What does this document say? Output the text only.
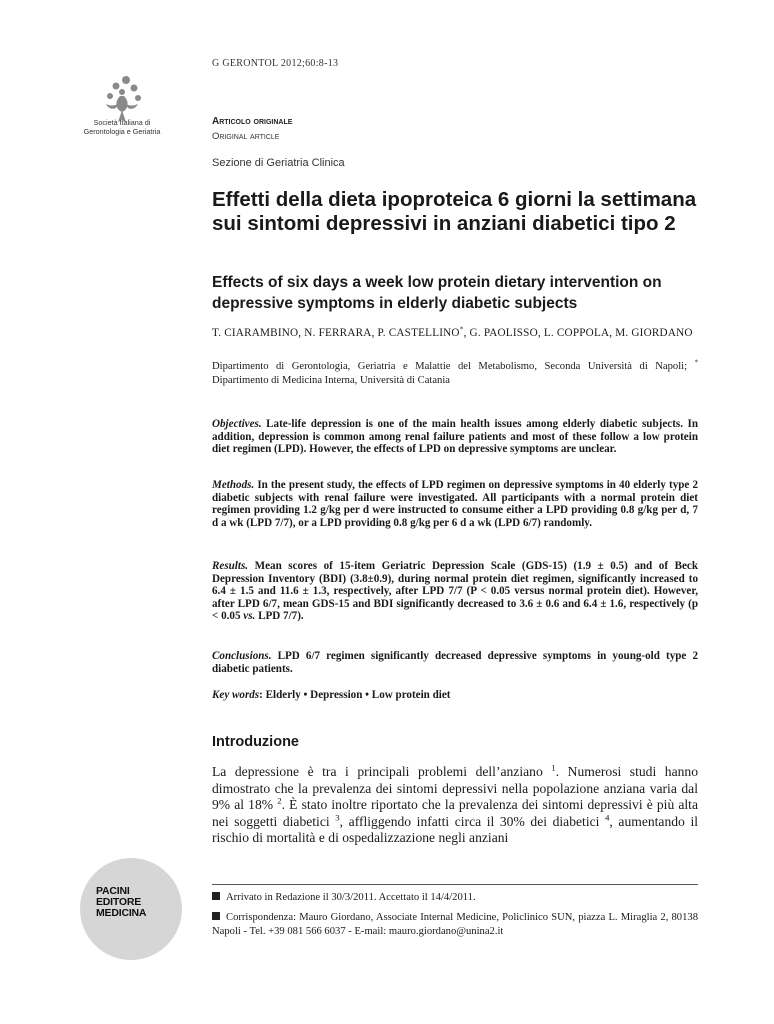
G GERONTOL 2012;60:8-13
Società Italiana di Gerontologia e Geriatria
Articolo originale
Original article
Sezione di Geriatria Clinica
Effetti della dieta ipoproteica 6 giorni la settimana sui sintomi depressivi in anziani diabetici tipo 2
Effects of six days a week low protein dietary intervention on depressive symptoms in elderly diabetic subjects
T. CIARAMBINO, N. FERRARA, P. CASTELLINO*, G. PAOLISSO, L. COPPOLA, M. GIORDANO
Dipartimento di Gerontologia, Geriatria e Malattie del Metabolismo, Seconda Università di Napoli; * Dipartimento di Medicina Interna, Università di Catania
Objectives. Late-life depression is one of the main health issues among elderly diabetic subjects. In addition, depression is common among renal failure patients and most of these follow a low protein diet regimen (LPD). However, the effects of LPD on depressive symptoms are unclear.
Methods. In the present study, the effects of LPD regimen on depressive symptoms in 40 elderly type 2 diabetic subjects with renal failure were investigated. All participants with a normal protein diet regimen providing 1.2 g/kg per d were instructed to consume either a LPD providing 0.8 g/kg per d, 7 d a wk (LPD 7/7), or a LPD providing 0.8 g/kg per 6 d a wk (LPD 6/7) randomly.
Results. Mean scores of 15-item Geriatric Depression Scale (GDS-15) (1.9 ± 0.5) and of Beck Depression Inventory (BDI) (3.8±0.9), during normal protein diet regimen, significantly increased to 6.4 ± 1.5 and 11.6 ± 1.3, respectively, after LPD 7/7 (P < 0.05 versus normal protein diet). However, after LPD 6/7, mean GDS-15 and BDI significantly decreased to 3.6 ± 0.6 and 6.4 ± 1.6, respectively (p < 0.05 vs. LPD 7/7).
Conclusions. LPD 6/7 regimen significantly decreased depressive symptoms in young-old type 2 diabetic patients.
Key words: Elderly • Depression • Low protein diet
Introduzione
La depressione è tra i principali problemi dell’anziano $^1$. Numerosi studi hanno dimostrato che la prevalenza dei sintomi depressivi nella popolazione anziana varia dal 9% al 18% $^2$. È stato inoltre riportato che la prevalenza dei sintomi depressivi è più alta nei soggetti diabetici $^3$, affliggendo infatti circa il 30% dei diabetici $^4$, aumentando il rischio di mortalità e di ospedalizzazione negli anziani
Arrivato in Redazione il 30/3/2011. Accettato il 14/4/2011.
Corrispondenza: Mauro Giordano, Associate Internal Medicine, Policlinico SUN, piazza L. Miraglia 2, 80138 Napoli - Tel. +39 081 566 6037 - E-mail: mauro.giordano@unina2.it
PACINI
EDITORE
MEDICINA
